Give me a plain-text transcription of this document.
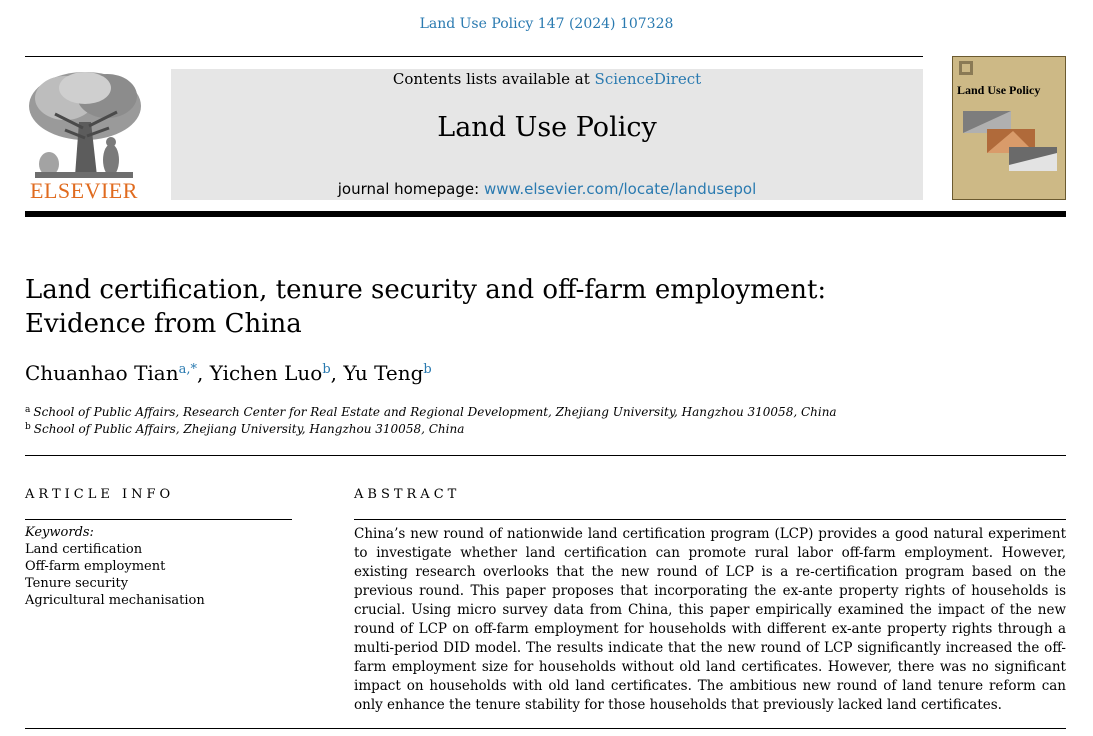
Land Use Policy 147 (2024) 107328
ELSEVIER
Contents lists available at ScienceDirect
Land Use Policy
journal homepage: www.elsevier.com/locate/landusepol
Land Use Policy
Land certification, tenure security and off-farm employment: Evidence from China
Chuanhao Tian$^{a,*}$, Yichen Luo$^b$, Yu Teng$^b$
$^a$ School of Public Affairs, Research Center for Real Estate and Regional Development, Zhejiang University, Hangzhou 310058, China
$^b$ School of Public Affairs, Zhejiang University, Hangzhou 310058, China
ARTICLE INFO
Keywords:
Land certification
Off-farm employment
Tenure security
Agricultural mechanisation
ABSTRACT
China’s new round of nationwide land certification program (LCP) provides a good natural experiment to investigate whether land certification can promote rural labor off-farm employment. However, existing research overlooks that the new round of LCP is a re-certification program based on the previous round. This paper proposes that incorporating the ex-ante property rights of households is crucial. Using micro survey data from China, this paper empirically examined the impact of the new round of LCP on off-farm employment for households with different ex-ante property rights through a multi-period DID model. The results indicate that the new round of LCP significantly increased the off-farm employment size for households without old land certificates. However, there was no significant impact on households with old land certificates. The ambitious new round of land tenure reform can only enhance the tenure stability for those households that previously lacked land certificates.
